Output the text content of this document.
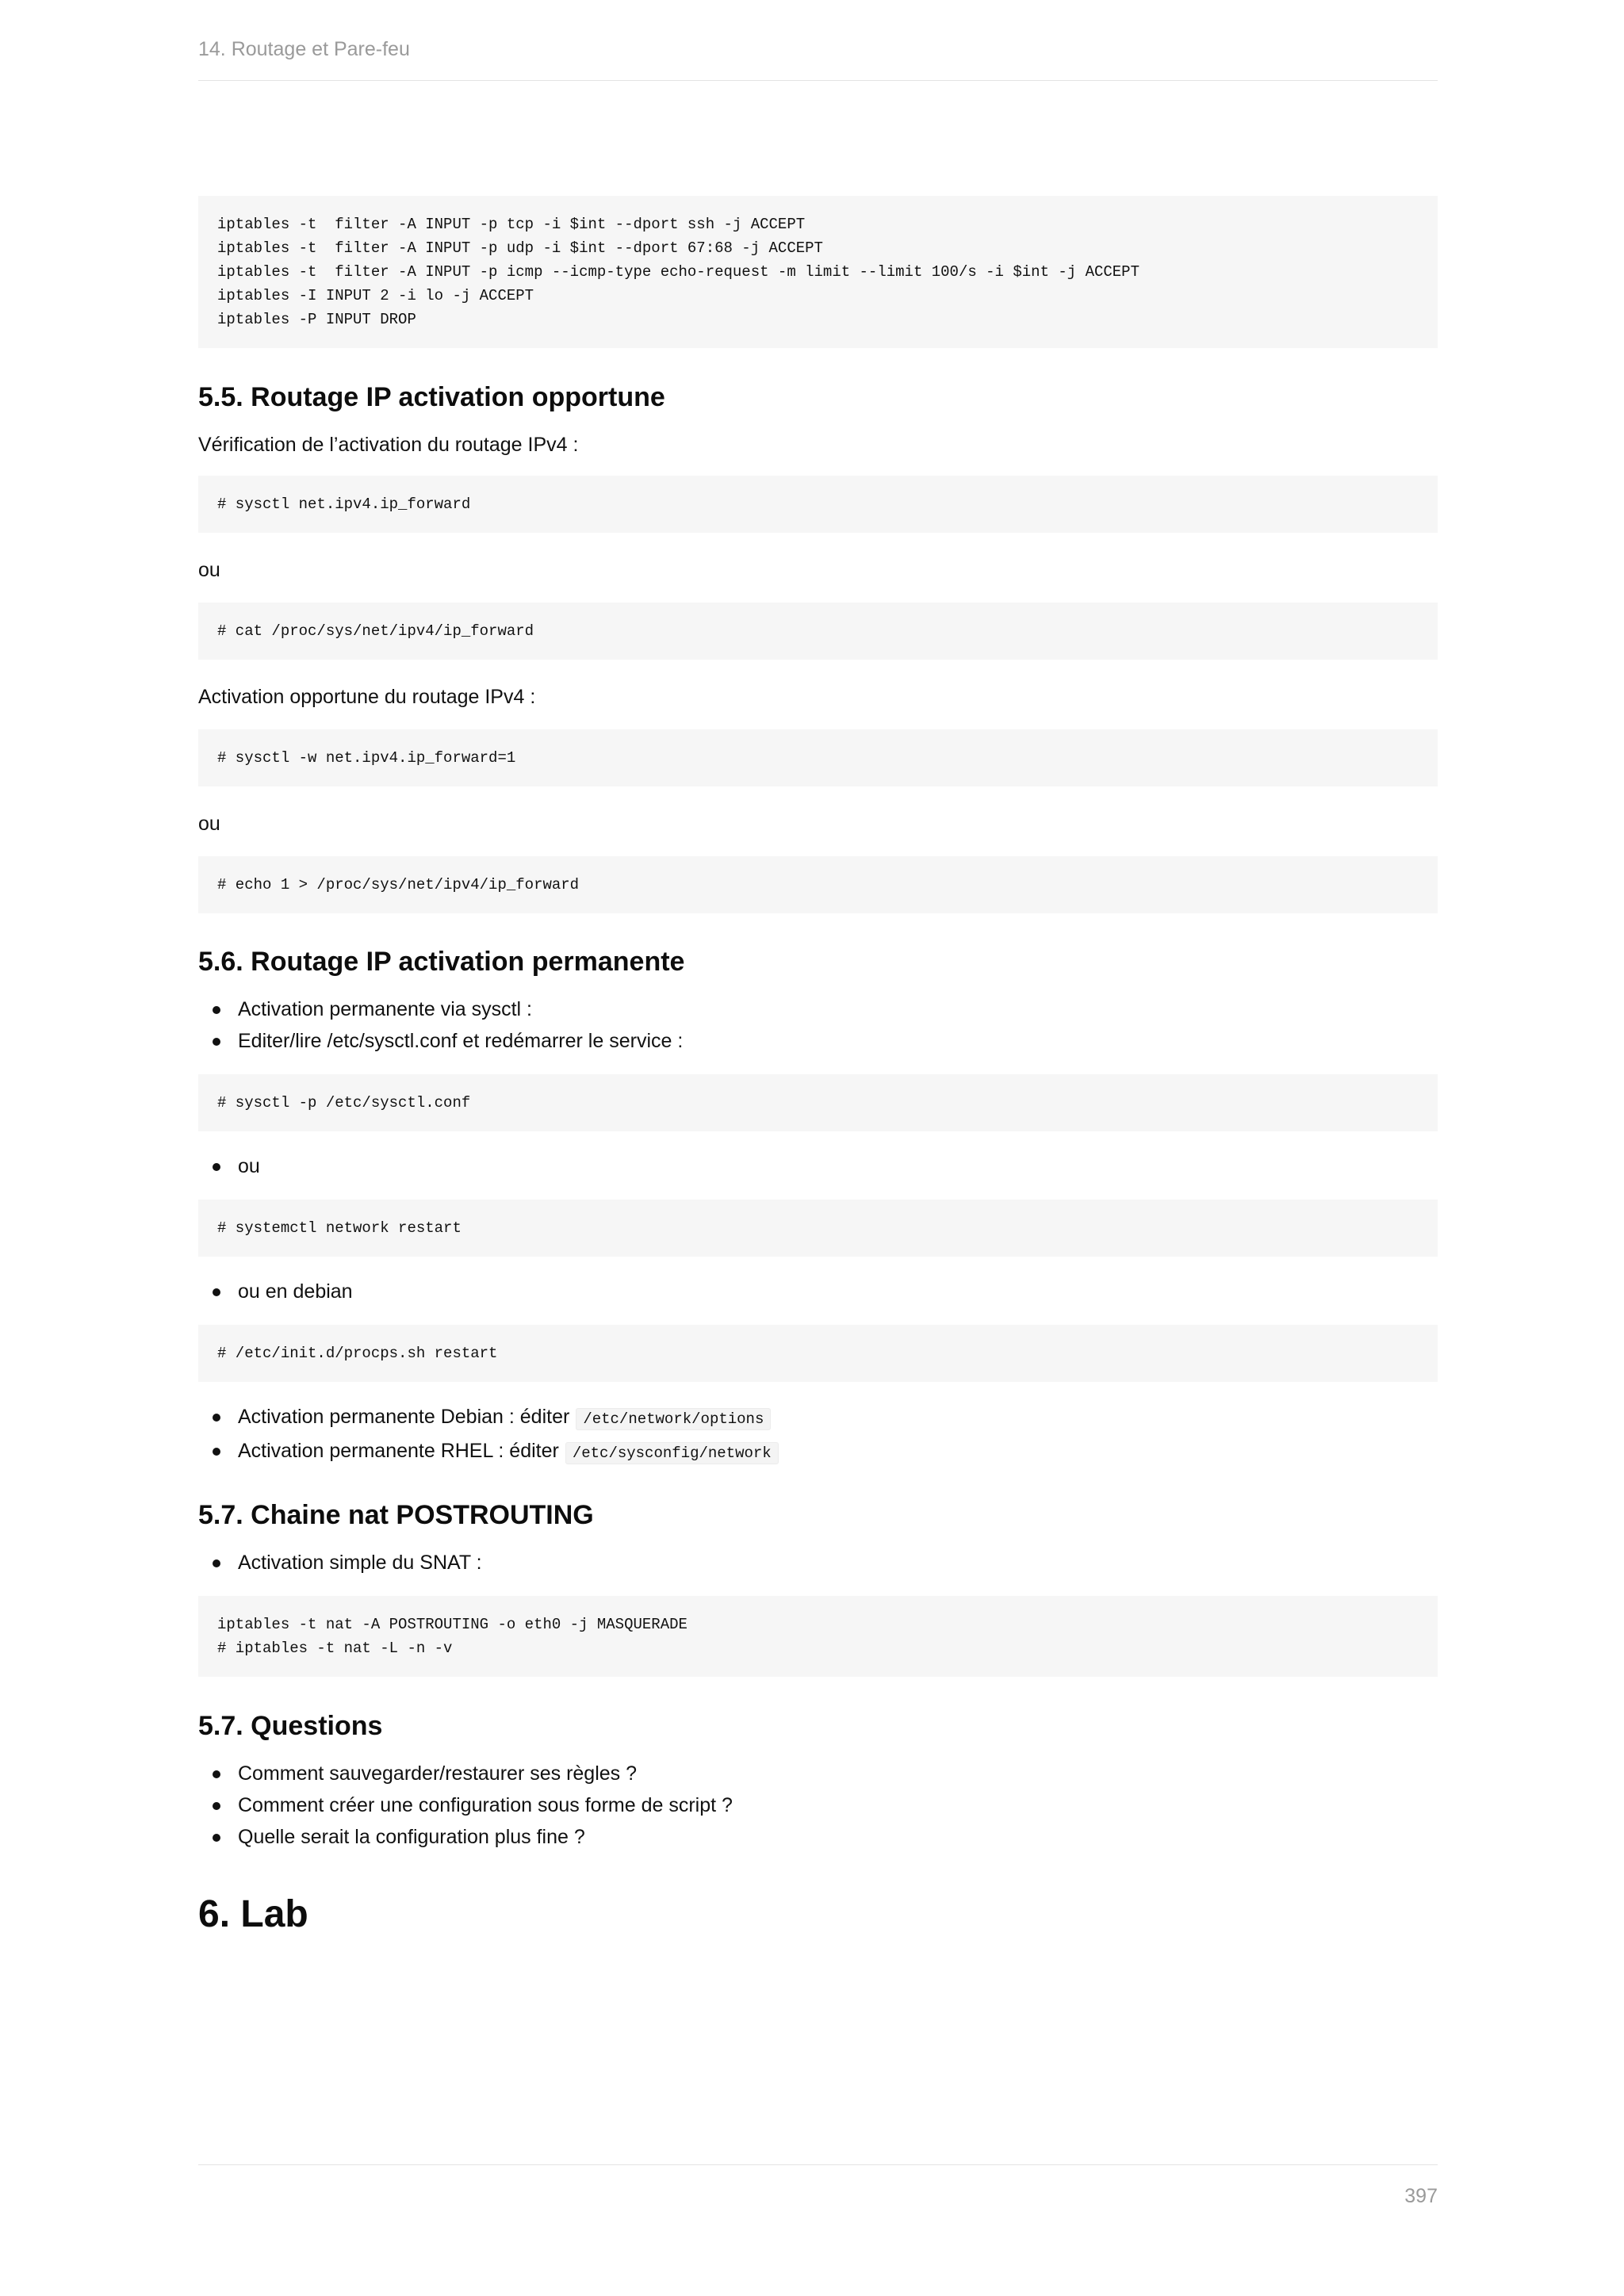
14. Routage et Pare-feu
iptables -t  filter -A INPUT -p tcp -i $int --dport ssh -j ACCEPT
iptables -t  filter -A INPUT -p udp -i $int --dport 67:68 -j ACCEPT
iptables -t  filter -A INPUT -p icmp --icmp-type echo-request -m limit --limit 100/s -i $int -j ACCEPT
iptables -I INPUT 2 -i lo -j ACCEPT
iptables -P INPUT DROP
5.5. Routage IP activation opportune

Vérification de l’activation du routage IPv4 :

# sysctl net.ipv4.ip_forward

ou

# cat /proc/sys/net/ipv4/ip_forward

Activation opportune du routage IPv4 :

# sysctl -w net.ipv4.ip_forward=1

ou

# echo 1 > /proc/sys/net/ipv4/ip_forward
5.6. Routage IP activation permanente
Activation permanente via sysctl :
Editer/lire /etc/sysctl.conf et redémarrer le service :
# sysctl -p /etc/sysctl.conf
ou
# systemctl network restart
ou en debian
# /etc/init.d/procps.sh restart
Activation permanente Debian : éditer /etc/network/options
Activation permanente RHEL : éditer /etc/sysconfig/network
5.7. Chaine nat POSTROUTING
Activation simple du SNAT :
iptables -t nat -A POSTROUTING -o eth0 -j MASQUERADE
# iptables -t nat -L -n -v
5.7. Questions
Comment sauvegarder/restaurer ses règles ?
Comment créer une configuration sous forme de script ?
Quelle serait la configuration plus fine ?
6. Lab
397
